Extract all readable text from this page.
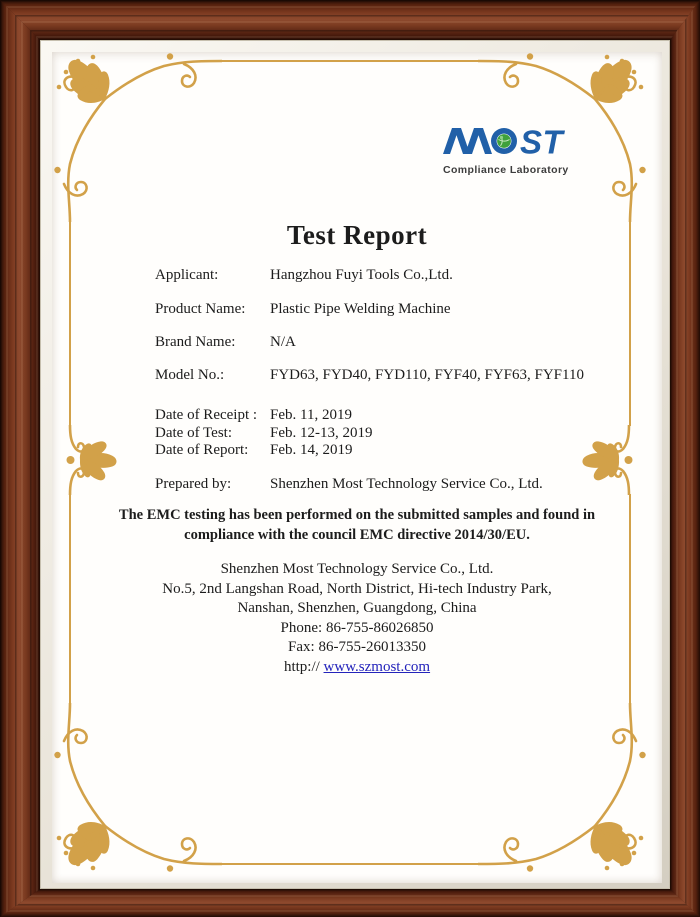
ST
Compliance Laboratory
Test Report
Applicant:	Hangzhou Fuyi Tools Co.,Ltd.
Product Name:	Plastic Pipe Welding Machine
Brand Name:	N/A
Model No.:	FYD63, FYD40, FYD110, FYF40, FYF63, FYF110
Date of Receipt : Feb. 11, 2019
Date of Test:	Feb. 12-13, 2019
Date of Report:	Feb. 14, 2019
Prepared by:	Shenzhen Most Technology Service Co., Ltd.
The EMC testing has been performed on the submitted samples and found in
compliance with the council EMC directive 2014/30/EU.
Shenzhen Most Technology Service Co., Ltd.
No.5, 2nd Langshan Road, North District, Hi-tech Industry Park,
Nanshan, Shenzhen, Guangdong, China
Phone: 86-755-86026850
Fax: 86-755-26013350
http:// www.szmost.com
